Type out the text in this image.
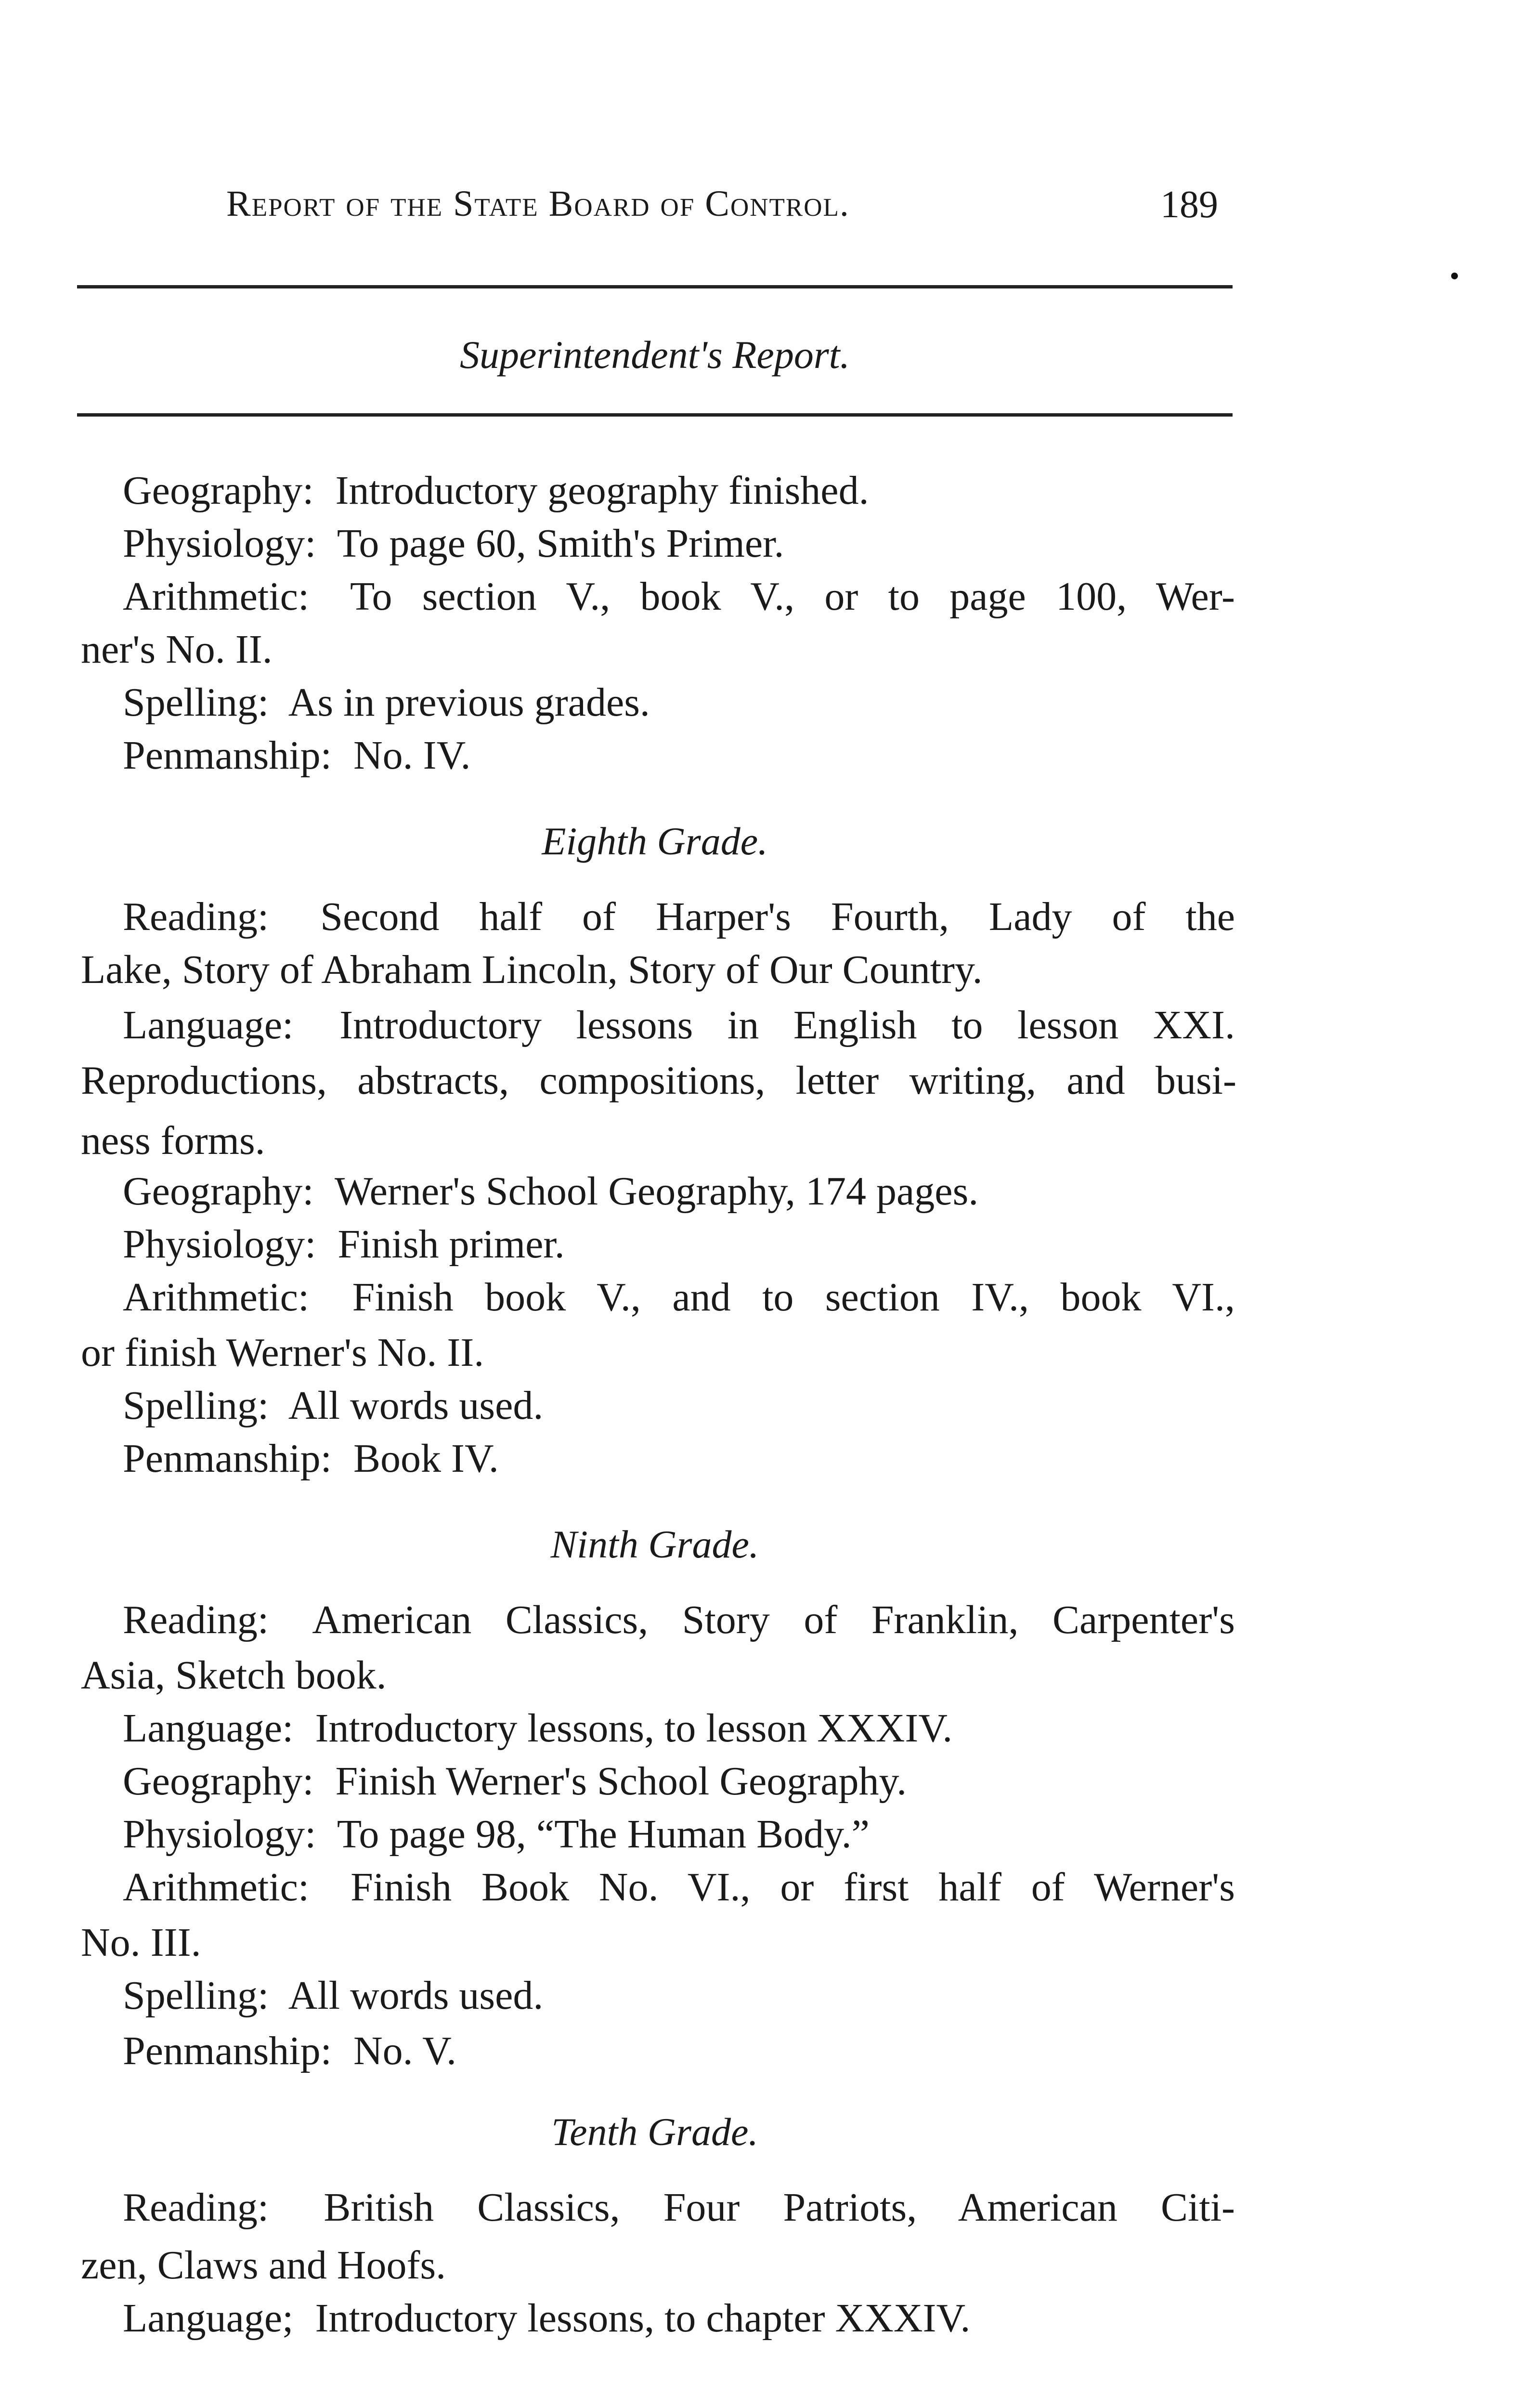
Report of the State Board of Control.	189
Superintendent's Report.
Geography: Introductory geography finished.
Physiology: To page 60, Smith's Primer.
Arithmetic: To section V., book V., or to page 100, Wer-
ner's No. II.
Spelling: As in previous grades.
Penmanship: No. IV.
Eighth Grade.
Reading: Second half of Harper's Fourth, Lady of the
Lake, Story of Abraham Lincoln, Story of Our Country.
Language: Introductory lessons in English to lesson XXI.
Reproductions, abstracts, compositions, letter writing, and busi-
ness forms.
Geography: Werner's School Geography, 174 pages.
Physiology: Finish primer.
Arithmetic: Finish book V., and to section IV., book VI.,
or finish Werner's No. II.
Spelling: All words used.
Penmanship: Book IV.
Ninth Grade.
Reading: American Classics, Story of Franklin, Carpenter's
Asia, Sketch book.
Language: Introductory lessons, to lesson XXXIV.
Geography: Finish Werner's School Geography.
Physiology: To page 98, “The Human Body.”
Arithmetic: Finish Book No. VI., or first half of Werner's
No. III.
Spelling: All words used.
Penmanship: No. V.
Tenth Grade.
Reading: British Classics, Four Patriots, American Citi-
zen, Claws and Hoofs.
Language; Introductory lessons, to chapter XXXIV.
